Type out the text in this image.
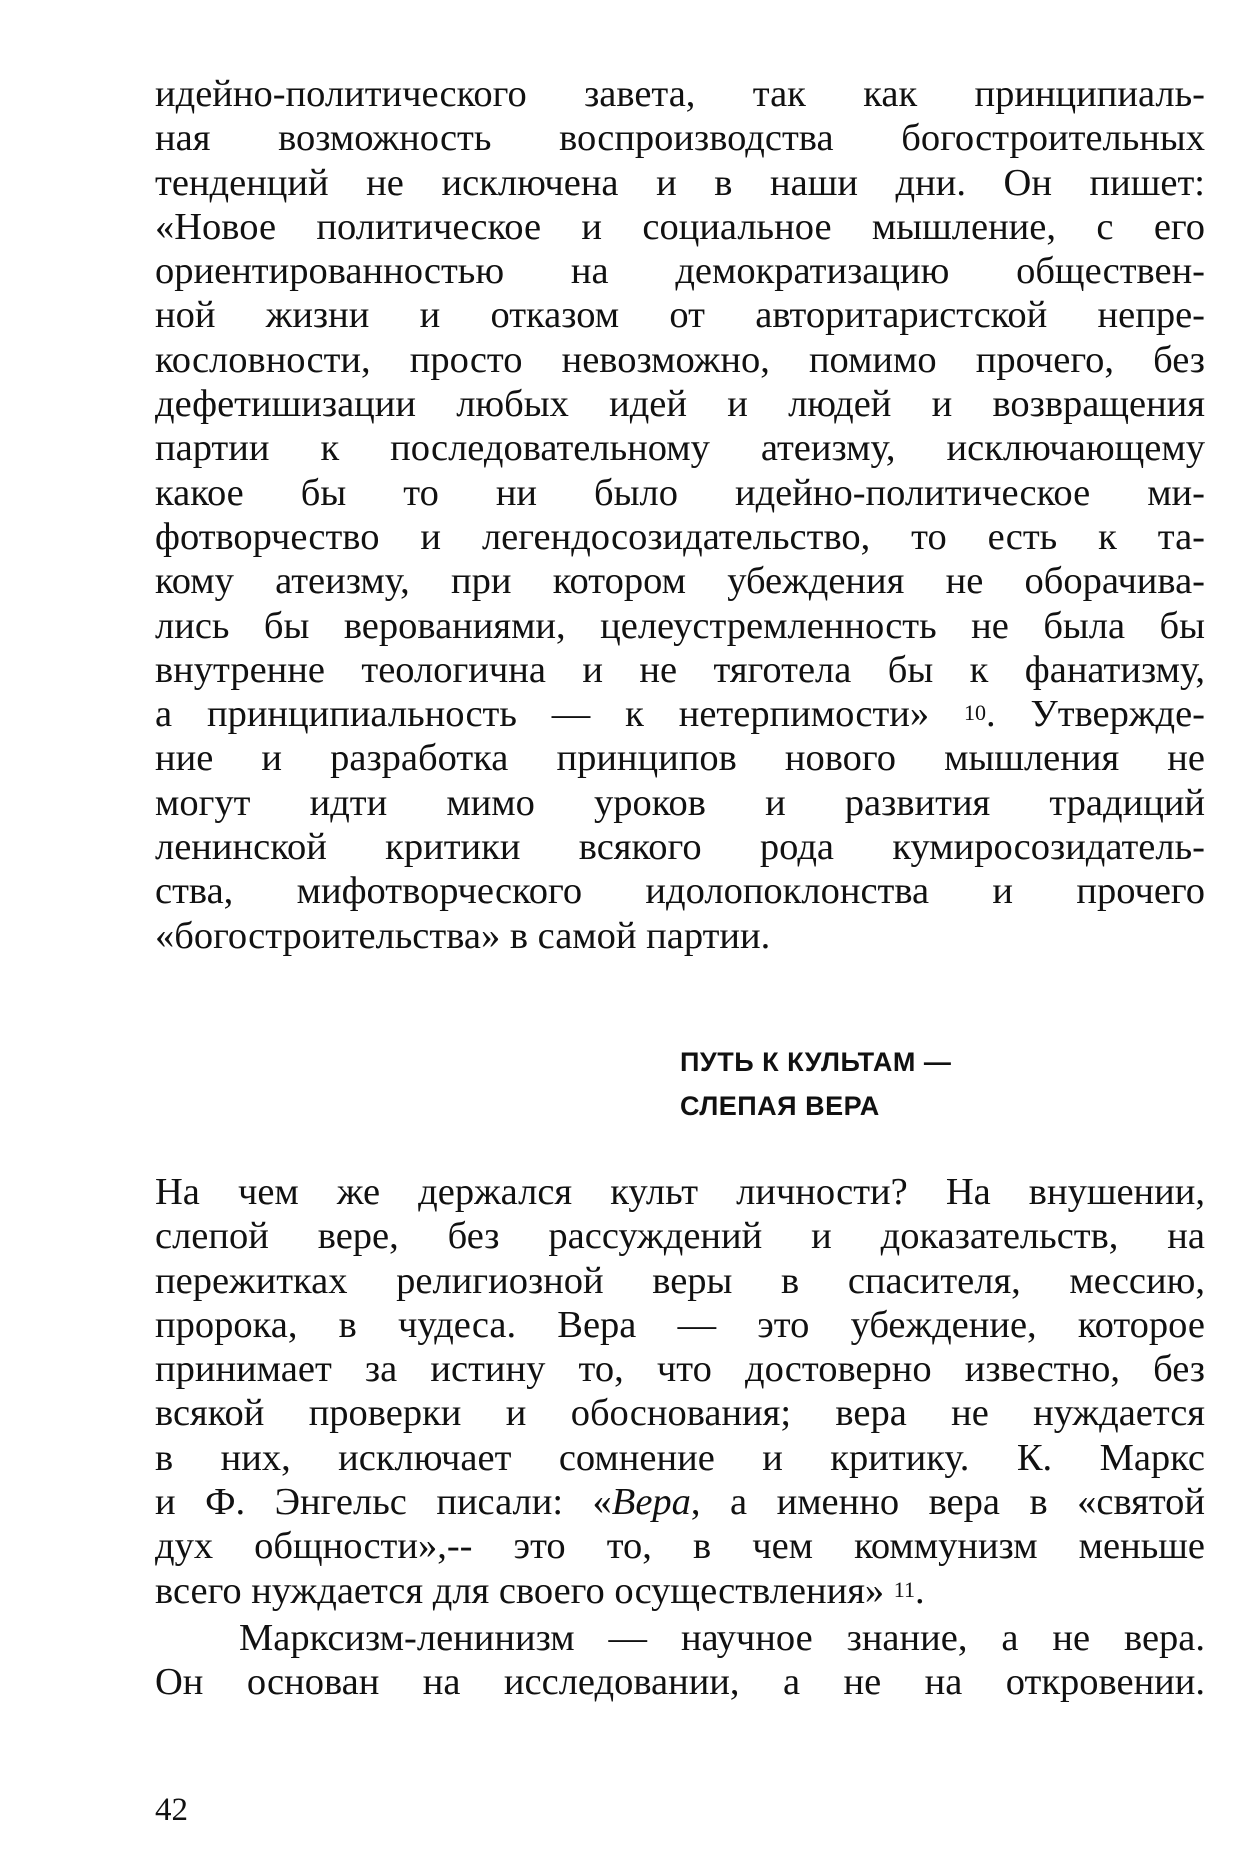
идейно-политического завета, так как принципиаль-
ная возможность воспроизводства богостроительных
тенденций не исключена и в наши дни. Он пишет:
«Новое политическое и социальное мышление, с его
ориентированностью на демократизацию обществен-
ной жизни и отказом от авторитаристской непре-
кословности, просто невозможно, помимо прочего, без
дефетишизации любых идей и людей и возвращения
партии к последовательному атеизму, исключающему
какое бы то ни было идейно-политическое ми-
фотворчество и легендосозидательство, то есть к та-
кому атеизму, при котором убеждения не оборачива-
лись бы верованиями, целеустремленность не была бы
внутренне теологична и не тяготела бы к фанатизму,
а принципиальность — к нетерпимости» $^{10}$. Утвержде-
ние и разработка принципов нового мышления не
могут идти мимо уроков и развития традиций
ленинской критики всякого рода кумиросозидатель-
ства, мифотворческого идолопоклонства и прочего
«богостроительства» в самой партии.
ПУТЬ К КУЛЬТАМ —
СЛЕПАЯ ВЕРА
На чем же держался культ личности? На внушении,
слепой вере, без рассуждений и доказательств, на
пережитках религиозной веры в спасителя, мессию,
пророка, в чудеса. Вера — это убеждение, которое
принимает за истину то, что достоверно известно, без
всякой проверки и обоснования; вера не нуждается
в них, исключает сомнение и критику. К. Маркс
и Ф. Энгельс писали: «Вера, а именно вера в «святой
дух общности»,-- это то, в чем коммунизм меньше
всего нуждается для своего осуществления» $^{11}$.
Марксизм-ленинизм — научное знание, а не вера.
Он основан на исследовании, а не на откровении.
42
